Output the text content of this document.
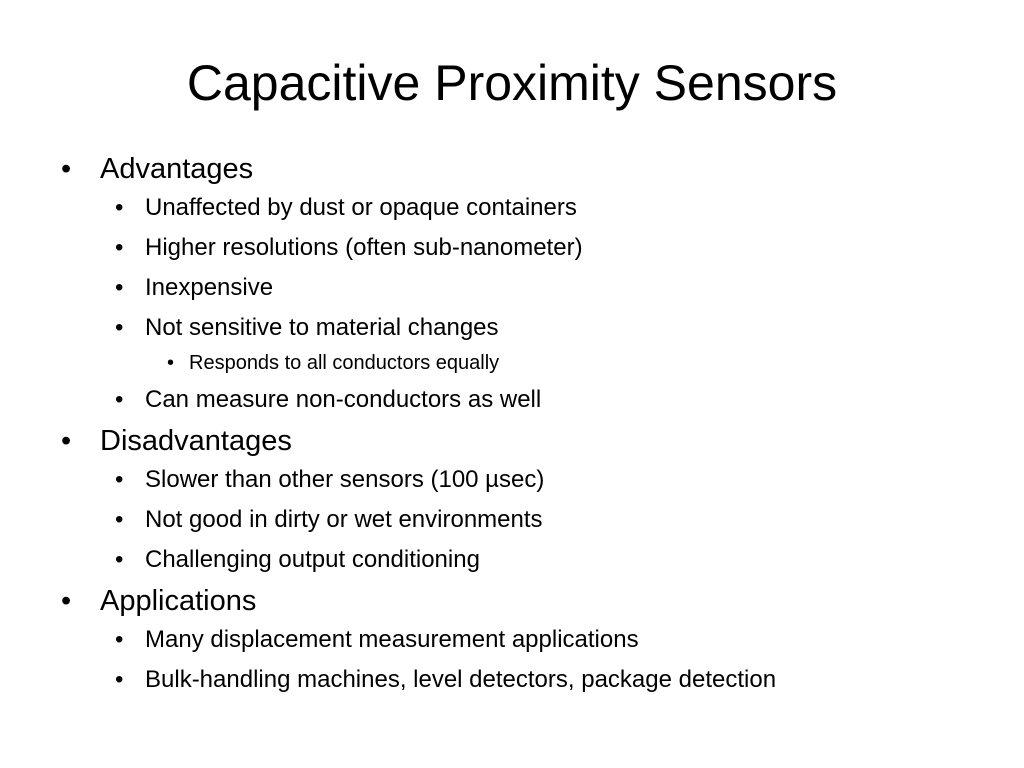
Capacitive Proximity Sensors
• Advantages
• Unaffected by dust or opaque containers
• Higher resolutions (often sub-nanometer)
• Inexpensive
• Not sensitive to material changes
• Responds to all conductors equally
• Can measure non-conductors as well
• Disadvantages
• Slower than other sensors (100 µsec)
• Not good in dirty or wet environments
• Challenging output conditioning
• Applications
• Many displacement measurement applications
• Bulk-handling machines, level detectors, package detection
